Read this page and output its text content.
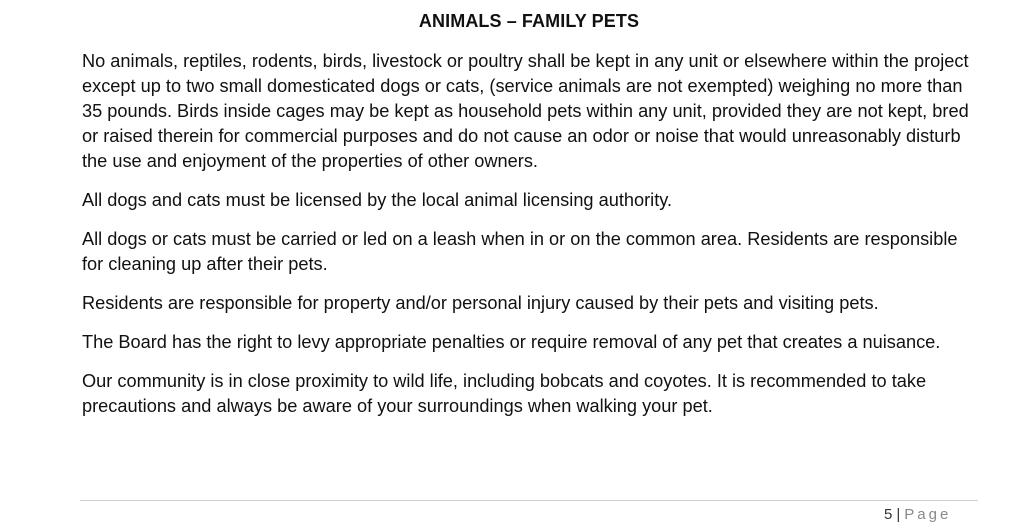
ANIMALS – FAMILY PETS

No animals, reptiles, rodents, birds, livestock or poultry shall be kept in any unit or elsewhere within the project except up to two small domesticated dogs or cats, (service animals are not exempted) weighing no more than 35 pounds. Birds inside cages may be kept as household pets within any unit, provided they are not kept, bred or raised therein for commercial purposes and do not cause an odor or noise that would unreasonably disturb the use and enjoyment of the properties of other owners.

All dogs and cats must be licensed by the local animal licensing authority.

All dogs or cats must be carried or led on a leash when in or on the common area. Residents are responsible for cleaning up after their pets.

Residents are responsible for property and/or personal injury caused by their pets and visiting pets.

The Board has the right to levy appropriate penalties or require removal of any pet that creates a nuisance.

Our community is in close proximity to wild life, including bobcats and coyotes. It is recommended to take precautions and always be aware of your surroundings when walking your pet.

5 | Page
